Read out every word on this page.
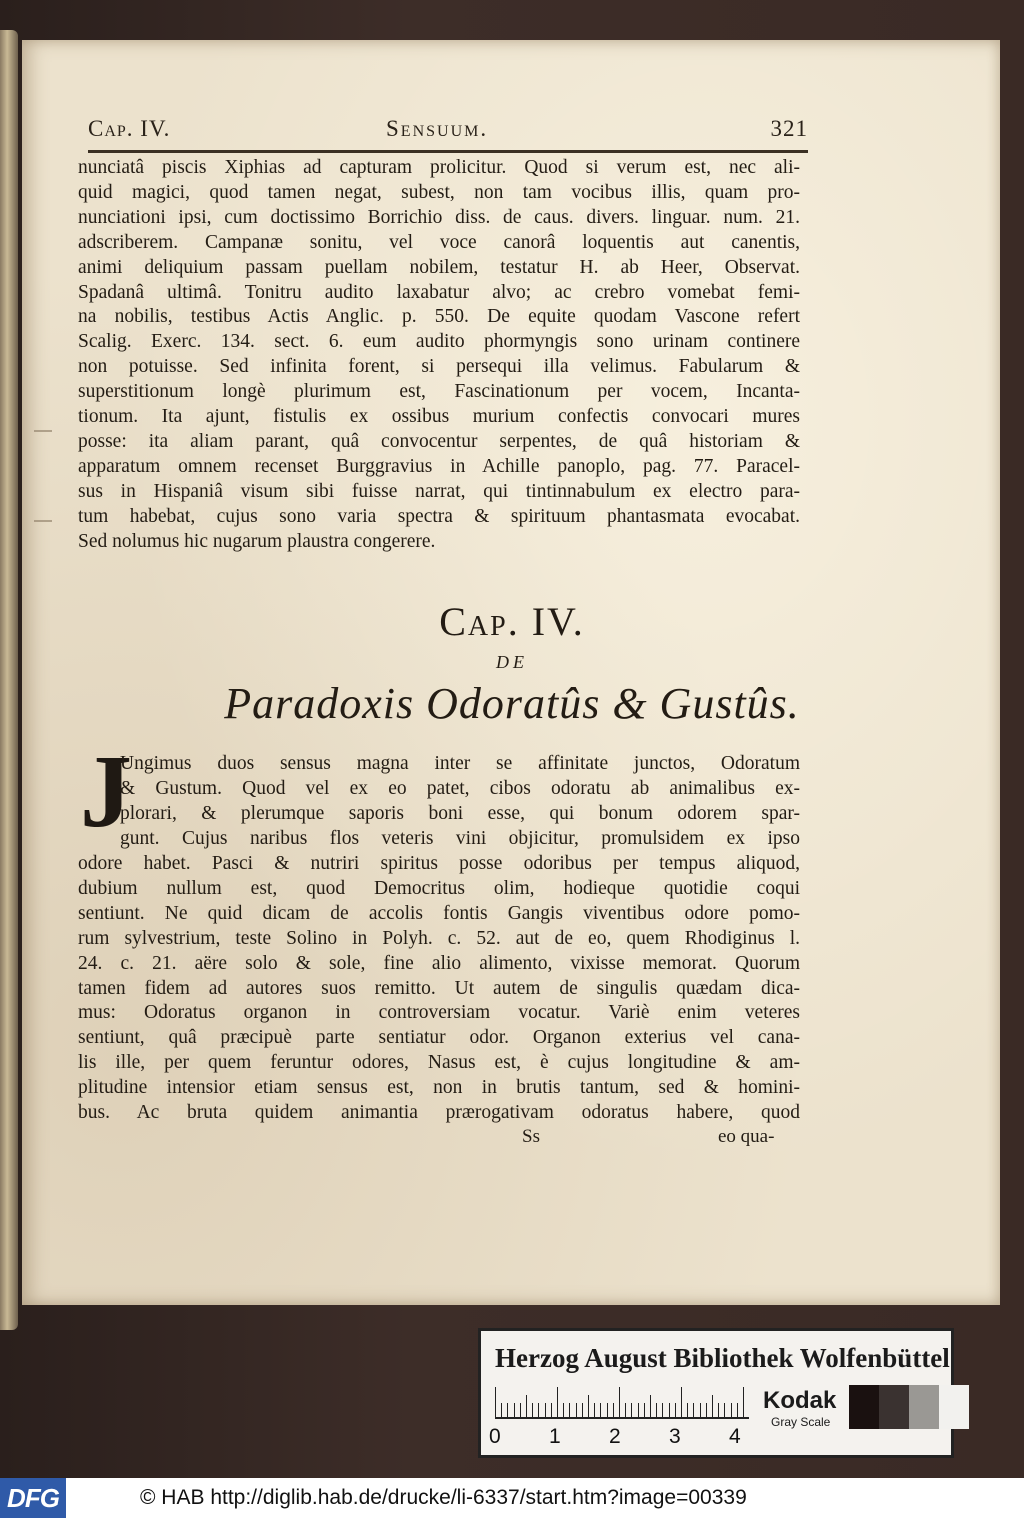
Cap. IV.	Sensuum.	321
nunciatâ piscis Xiphias ad capturam prolicitur. Quod si verum est, nec ali-
quid magici, quod tamen negat, subest, non tam vocibus illis, quam pro-
nunciationi ipsi, cum doctissimo Borrichio diss. de caus. divers. linguar. num. 21.
adscriberem. Campanæ sonitu, vel voce canorâ loquentis aut canentis,
animi deliquium passam puellam nobilem, testatur H. ab Heer, Observat.
Spadanâ ultimâ. Tonitru audito laxabatur alvo; ac crebro vomebat femi-
na nobilis, testibus Actis Anglic. p. 550. De equite quodam Vascone refert
Scalig. Exerc. 134. sect. 6. eum audito phormyngis sono urinam continere
non potuisse. Sed infinita forent, si persequi illa velimus. Fabularum &
superstitionum longè plurimum est, Fascinationum per vocem, Incanta-
tionum. Ita ajunt, fistulis ex ossibus murium confectis convocari mures
posse: ita aliam parant, quâ convocentur serpentes, de quâ historiam &
apparatum omnem recenset Burggravius in Achille panoplo, pag. 77. Paracel-
sus in Hispaniâ visum sibi fuisse narrat, qui tintinnabulum ex electro para-
tum habebat, cujus sono varia spectra & spirituum phantasmata evocabat.
Sed nolumus hic nugarum plaustra congerere.
Cap. IV.
DE
Paradoxis Odoratûs & Gustûs.
J
Ungimus duos sensus magna inter se affinitate junctos, Odoratum
& Gustum. Quod vel ex eo patet, cibos odoratu ab animalibus ex-
plorari, & plerumque saporis boni esse, qui bonum odorem spar-
gunt. Cujus naribus flos veteris vini objicitur, promulsidem ex ipso
odore habet. Pasci & nutriri spiritus posse odoribus per tempus aliquod,
dubium nullum est, quod Democritus olim, hodieque quotidie coqui
sentiunt. Ne quid dicam de accolis fontis Gangis viventibus odore pomo-
rum sylvestrium, teste Solino in Polyh. c. 52. aut de eo, quem Rhodiginus l.
24. c. 21. aëre solo & sole, fine alio alimento, vixisse memorat. Quorum
tamen fidem ad autores suos remitto. Ut autem de singulis quædam dica-
mus: Odoratus organon in controversiam vocatur. Variè enim veteres
sentiunt, quâ præcipuè parte sentiatur odor. Organon exterius vel cana-
lis ille, per quem feruntur odores, Nasus est, è cujus longitudine & am-
plitudine intensior etiam sensus est, non in brutis tantum, sed & homini-
bus. Ac bruta quidem animantia prærogativam odoratus habere, quod
Ss	eo qua-
Herzog August Bibliothek Wolfenbüttel
0 1 2 3 4
Kodak
Gray Scale
DFG	© HAB http://diglib.hab.de/drucke/li-6337/start.htm?image=00339
